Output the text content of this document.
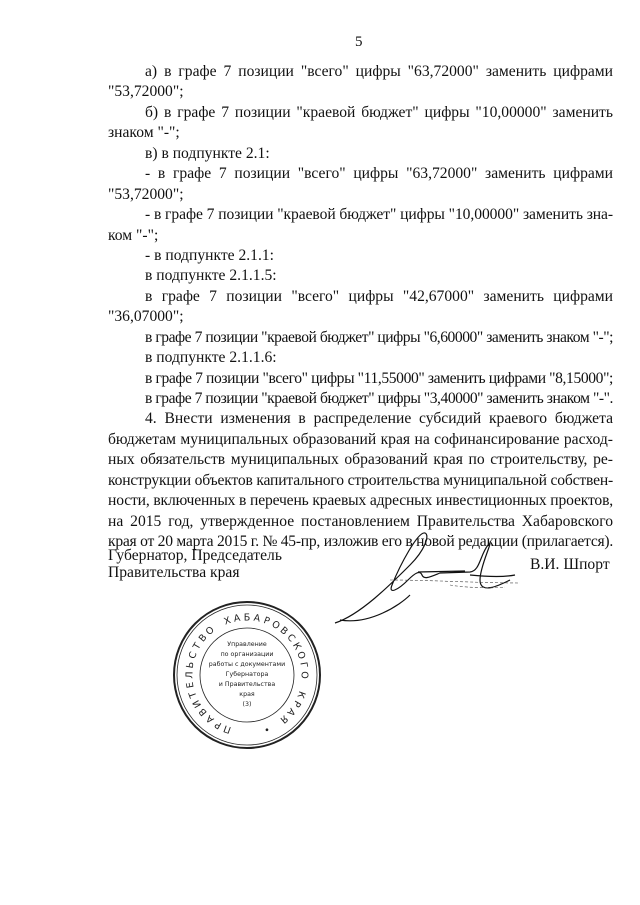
5
а) в графе 7 позиции "всего" цифры "63,72000" заменить цифрами
"53,72000";
б) в графе 7 позиции "краевой бюджет" цифры "10,00000" заменить
знаком "-";
в) в подпункте 2.1:
- в графе 7 позиции "всего" цифры "63,72000" заменить цифрами
"53,72000";
- в графе 7 позиции "краевой бюджет" цифры "10,00000" заменить зна-
ком "-";
- в подпункте 2.1.1:
в подпункте 2.1.1.5:
в графе 7 позиции "всего" цифры "42,67000" заменить цифрами
"36,07000";
в графе 7 позиции "краевой бюджет" цифры "6,60000" заменить знаком "-";
в подпункте 2.1.1.6:
в графе 7 позиции "всего" цифры "11,55000" заменить цифрами "8,15000";
в графе 7 позиции "краевой бюджет" цифры "3,40000" заменить знаком "-".
4. Внести изменения в распределение субсидий краевого бюджета
бюджетам муниципальных образований края на софинансирование расход-
ных обязательств муниципальных образований края по строительству, ре-
конструкции объектов капитального строительства муниципальной собствен-
ности, включенных в перечень краевых адресных инвестиционных проектов,
на 2015 год, утвержденное постановлением Правительства Хабаровского
края от 20 марта 2015 г. № 45-пр, изложив его в новой редакции (прилагается).
Губернатор, Председатель
Правительства края	В.И. Шпорт
П
Р
А
В
И
Т
Е
Л
Ь
С
Т
В
О
Х А Б А Р
О
В
С
К
О
Г
О
К
Р
А
Я
•
Управление
по организации
работы с документами
Губернатора
и Правительства
края
(3)
